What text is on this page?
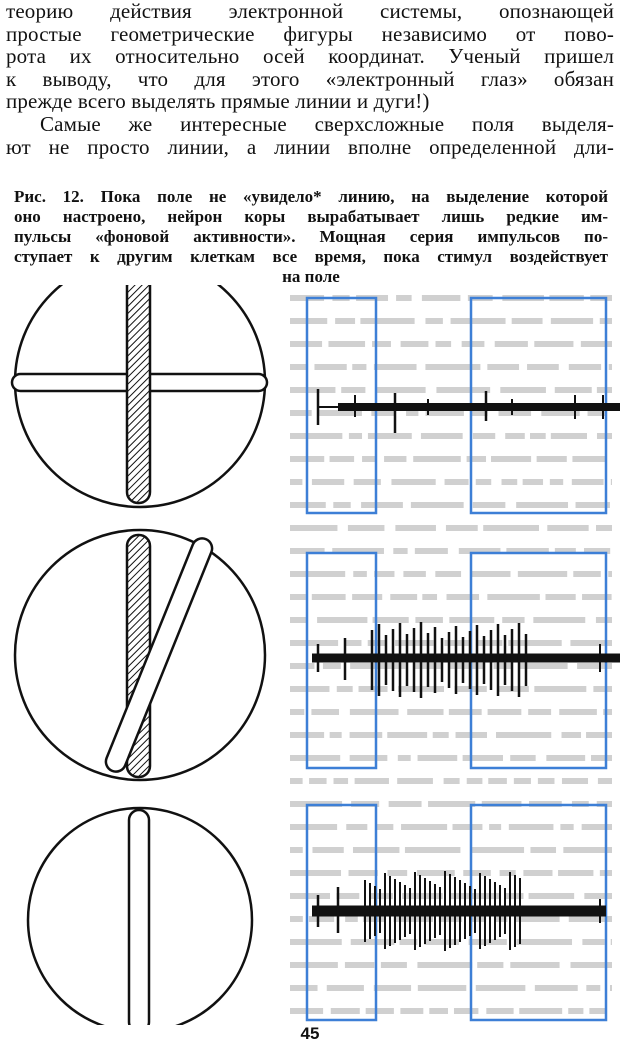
теорию действия электронной системы, опознающей
простые геометрические фигуры независимо от пово-
рота их относительно осей координат. Ученый пришел
к выводу, что для этого «электронный глаз» обязан
прежде всего выделять прямые линии и дуги!)
Самые же интересные сверхсложные поля выделя-
ют не просто линии, а линии вполне определенной дли-
Рис. 12. Пока поле не «увидело* линию, на выделение которой
оно настроено, нейрон коры вырабатывает лишь редкие им-
пульсы «фоновой активности». Мощная серия импульсов по-
ступает к другим клеткам все время, пока стимул воздействует
на поле
45
